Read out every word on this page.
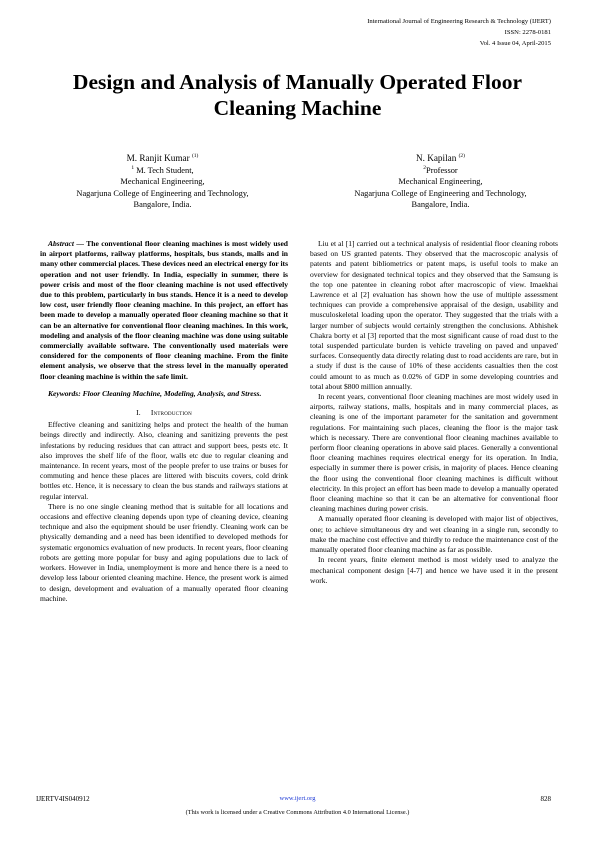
International Journal of Engineering Research & Technology (IJERT)
ISSN: 2278-0181
Vol. 4 Issue 04, April-2015
Design and Analysis of Manually Operated Floor Cleaning Machine
M. Ranjit Kumar $^{(1)}$
$^1$ M. Tech Student,
Mechanical Engineering,
Nagarjuna College of Engineering and Technology,
Bangalore, India.
N. Kapilan $^{(2)}$
$^2$Professor
Mechanical Engineering,
Nagarjuna College of Engineering and Technology,
Bangalore, India.

Abstract — The conventional floor cleaning machines is most widely used in airport platforms, railway platforms, hospitals, bus stands, malls and in many other commercial places. These devices need an electrical energy for its operation and not user friendly. In India, especially in summer, there is power crisis and most of the floor cleaning machine is not used effectively due to this problem, particularly in bus stands. Hence it is a need to develop low cost, user friendly floor cleaning machine. In this project, an effort has been made to develop a manually operated floor cleaning machine so that it can be an alternative for conventional floor cleaning machines. In this work, modeling and analysis of the floor cleaning machine was done using suitable commercially available software. The conventionally used materials were considered for the components of floor cleaning machine. From the finite element analysis, we observe that the stress level in the manually operated floor cleaning machine is within the safe limit.

Keywords: Floor Cleaning Machine, Modeling, Analysis, and Stress.

I. Introduction

Effective cleaning and sanitizing helps and protect the health of the human beings directly and indirectly. Also, cleaning and sanitizing prevents the pest infestations by reducing residues that can attract and support bees, pests etc. It also improves the shelf life of the floor, walls etc due to regular cleaning and maintenance. In recent years, most of the people prefer to use trains or buses for commuting and hence these places are littered with biscuits covers, cold drink bottles etc. Hence, it is necessary to clean the bus stands and railways stations at regular interval.

There is no one single cleaning method that is suitable for all locations and occasions and effective cleaning depends upon type of cleaning device, cleaning technique and also the equipment should be user friendly. Cleaning work can be physically demanding and a need has been identified to developed methods for systematic ergonomics evaluation of new products. In recent years, floor cleaning robots are getting more popular for busy and aging populations due to lack of workers. However in India, unemployment is more and hence there is a need to develop less labour oriented cleaning machine. Hence, the present work is aimed to design, development and evaluation of a manually operated floor cleaning machine.

Liu et al [1] carried out a technical analysis of residential floor cleaning robots based on US granted patents. They observed that the macroscopic analysis of patents and patent bibliometrics or patent maps, is useful tools to make an overview for designated technical topics and they observed that the Samsung is the top one patentee in cleaning robot after macroscopic of view. Imaekhai Lawrence et al [2] evaluation has shown how the use of multiple assessment techniques can provide a comprehensive appraisal of the design, usability and musculoskeletal loading upon the operator. They suggested that the trials with a larger number of subjects would certainly strengthen the conclusions. Abhishek Chakra borty et al [3] reported that the most significant cause of road dust to the total suspended particulate burden is vehicle traveling on paved and unpaved' surfaces. Consequently data directly relating dust to road accidents are rare, but in a study if dust is the cause of 10% of these accidents casualties then the cost could amount to as much as 0.02% of GDP in some developing countries and total about $800 million annually.

In recent years, conventional floor cleaning machines are most widely used in airports, railway stations, malls, hospitals and in many commercial places, as cleaning is one of the important parameter for the sanitation and government regulations. For maintaining such places, cleaning the floor is the major task which is necessary. There are conventional floor cleaning machines available to perform floor cleaning operations in above said places. Generally a conventional floor cleaning machines requires electrical energy for its operation. In India, especially in summer there is power crisis, in majority of places. Hence cleaning the floor using the conventional floor cleaning machines is difficult without electricity. In this project an effort has been made to develop a manually operated floor cleaning machine so that it can be an alternative for conventional floor cleaning machines during power crisis.

A manually operated floor cleaning is developed with major list of objectives, one; to achieve simultaneous dry and wet cleaning in a single run, secondly to make the machine cost effective and thirdly to reduce the maintenance cost of the manually operated floor cleaning machine as far as possible.

In recent years, finite element method is most widely used to analyze the mechanical component design [4-7] and hence we have used it in the present work.

IJERTV4IS040912	www.ijert.org	828
(This work is licensed under a Creative Commons Attribution 4.0 International License.)
